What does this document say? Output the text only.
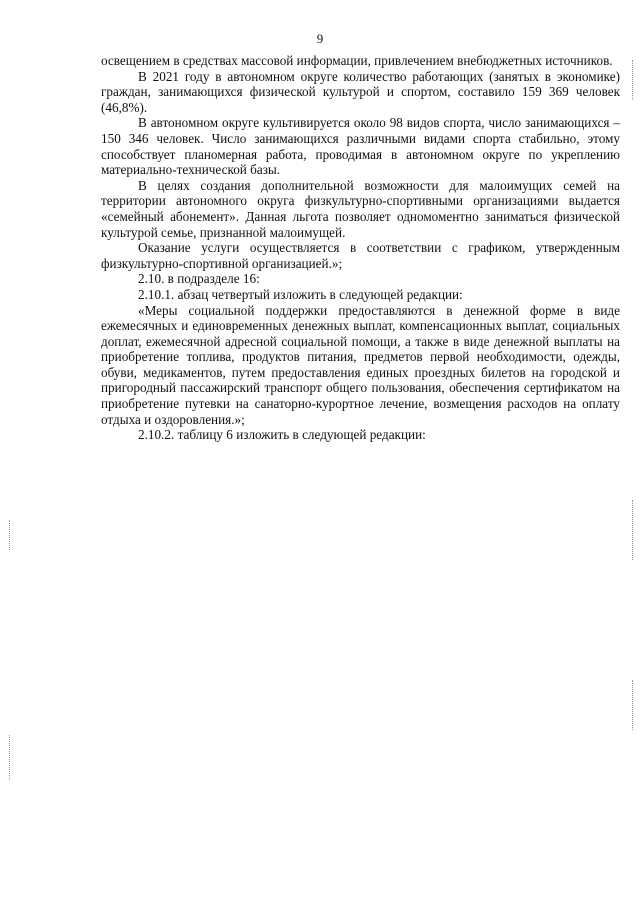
9

освещением в средствах массовой информации, привлечением внебюджетных источников.

В 2021 году в автономном округе количество работающих (занятых в экономике) граждан, занимающихся физической культурой и спортом, составило 159 369 человек (46,8%).

В автономном округе культивируется около 98 видов спорта, число занимающихся – 150 346 человек. Число занимающихся различными видами спорта стабильно, этому способствует планомерная работа, проводимая в автономном округе по укреплению материально-технической базы.

В целях создания дополнительной возможности для малоимущих семей на территории автономного округа физкультурно-спортивными организациями выдается «семейный абонемент». Данная льгота позволяет одномоментно заниматься физической культурой семье, признанной малоимущей.

Оказание услуги осуществляется в соответствии с графиком, утвержденным физкультурно-спортивной организацией.»;

2.10. в подразделе 16:

2.10.1. абзац четвертый изложить в следующей редакции:

«Меры социальной поддержки предоставляются в денежной форме в виде ежемесячных и единовременных денежных выплат, компенсационных выплат, социальных доплат, ежемесячной адресной социальной помощи, а также в виде денежной выплаты на приобретение топлива, продуктов питания, предметов первой необходимости, одежды, обуви, медикаментов, путем предоставления единых проездных билетов на городской и пригородный пассажирский транспорт общего пользования, обеспечения сертификатом на приобретение путевки на санаторно-курортное лечение, возмещения расходов на оплату отдыха и оздоровления.»;

2.10.2. таблицу 6 изложить в следующей редакции:
